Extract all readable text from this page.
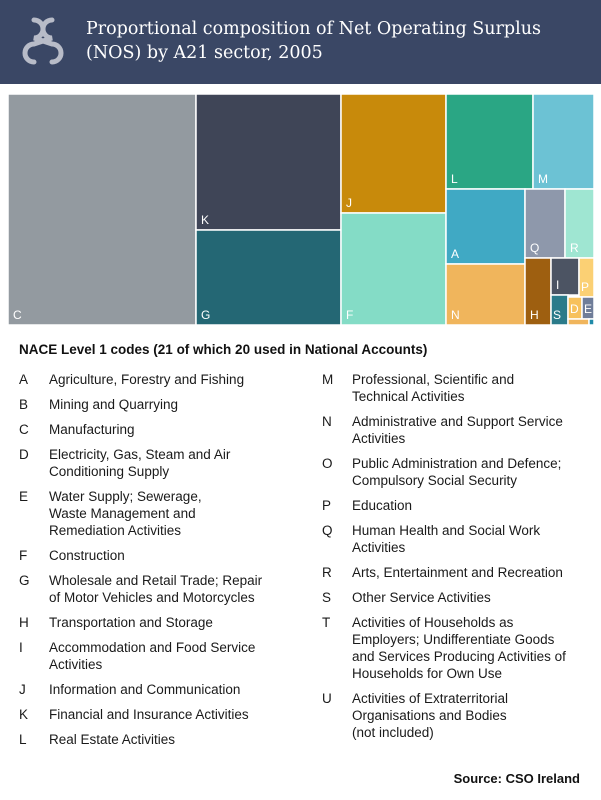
Proportional composition of Net Operating Surplus (NOS) by A21 sector, 2005
C
K
G
J
F
L	M
A
N
Q	R
H
I P
S D E
NACE Level 1 codes (21 of which 20 used in National Accounts)
A	Agriculture, Forestry and Fishing
B	Mining and Quarrying
C	Manufacturing
D	Electricity, Gas, Steam and Air
Conditioning Supply
E	Water Supply; Sewerage,
Waste Management and
Remediation Activities
F	Construction
G	Wholesale and Retail Trade; Repair
of Motor Vehicles and Motorcycles
H	Transportation and Storage
I	Accommodation and Food Service
Activities
J	Information and Communication
K	Financial and Insurance Activities
L	Real Estate Activities
M	Professional, Scientific and
Technical Activities
N	Administrative and Support Service
Activities
O	Public Administration and Defence;
Compulsory Social Security
P	Education
Q	Human Health and Social Work
Activities
R	Arts, Entertainment and Recreation
S	Other Service Activities
T	Activities of Households as
Employers; Undifferentiate Goods
and Services Producing Activities of
Households for Own Use
U	Activities of Extraterritorial
Organisations and Bodies
(not included)
Source: CSO Ireland
